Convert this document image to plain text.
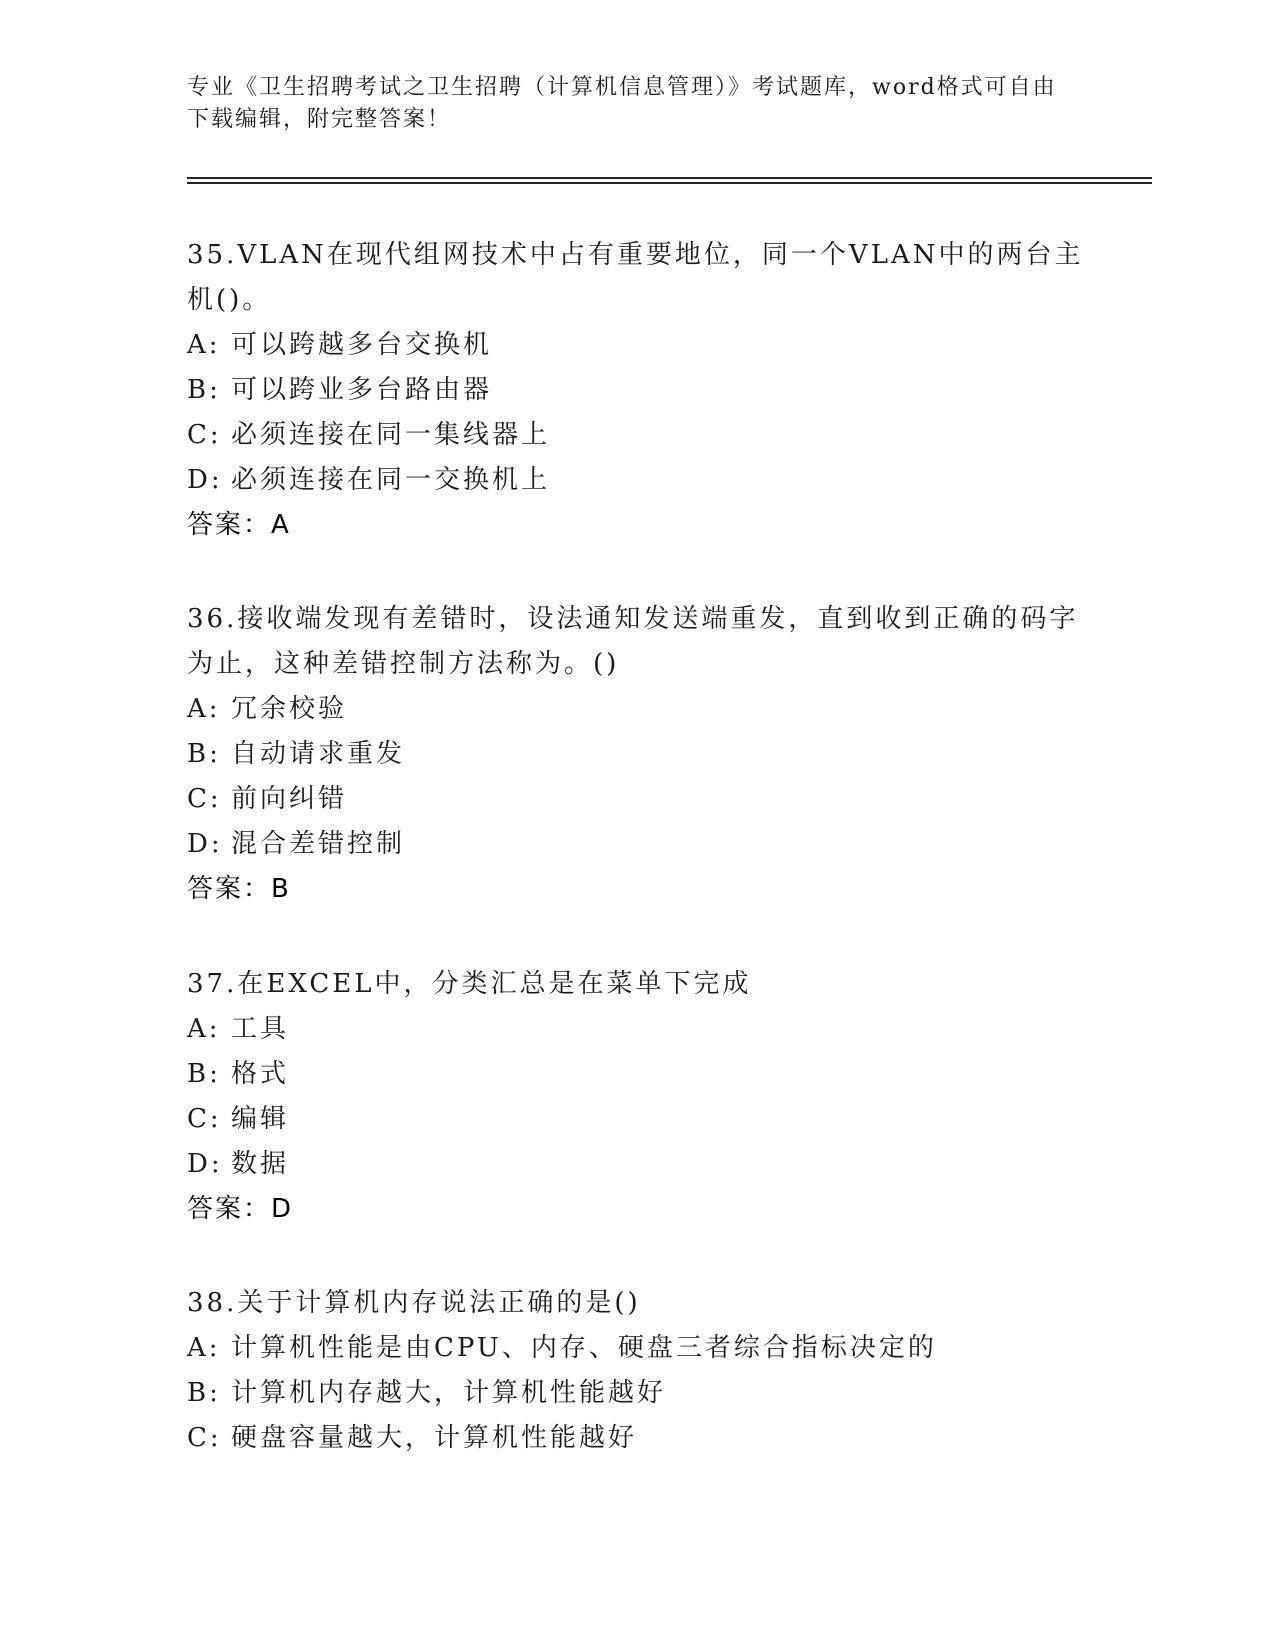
专业《卫生招聘考试之卫生招聘（计算机信息管理）》考试题库，word格式可自由下载编辑，附完整答案！

35.VLAN在现代组网技术中占有重要地位，同一个VLAN中的两台主机()。

A: 可以跨越多台交换机
B: 可以跨业多台路由器
C: 必须连接在同一集线器上
D: 必须连接在同一交换机上
答案：A

36.接收端发现有差错时，设法通知发送端重发，直到收到正确的码字为止，这种差错控制方法称为。()

A: 冗余校验
B: 自动请求重发
C: 前向纠错
D: 混合差错控制
答案：B

37.在EXCEL中，分类汇总是在菜单下完成

A: 工具
B: 格式
C: 编辑
D: 数据
答案：D

38.关于计算机内存说法正确的是()

A: 计算机性能是由CPU、内存、硬盘三者综合指标决定的
B: 计算机内存越大，计算机性能越好
C: 硬盘容量越大，计算机性能越好
